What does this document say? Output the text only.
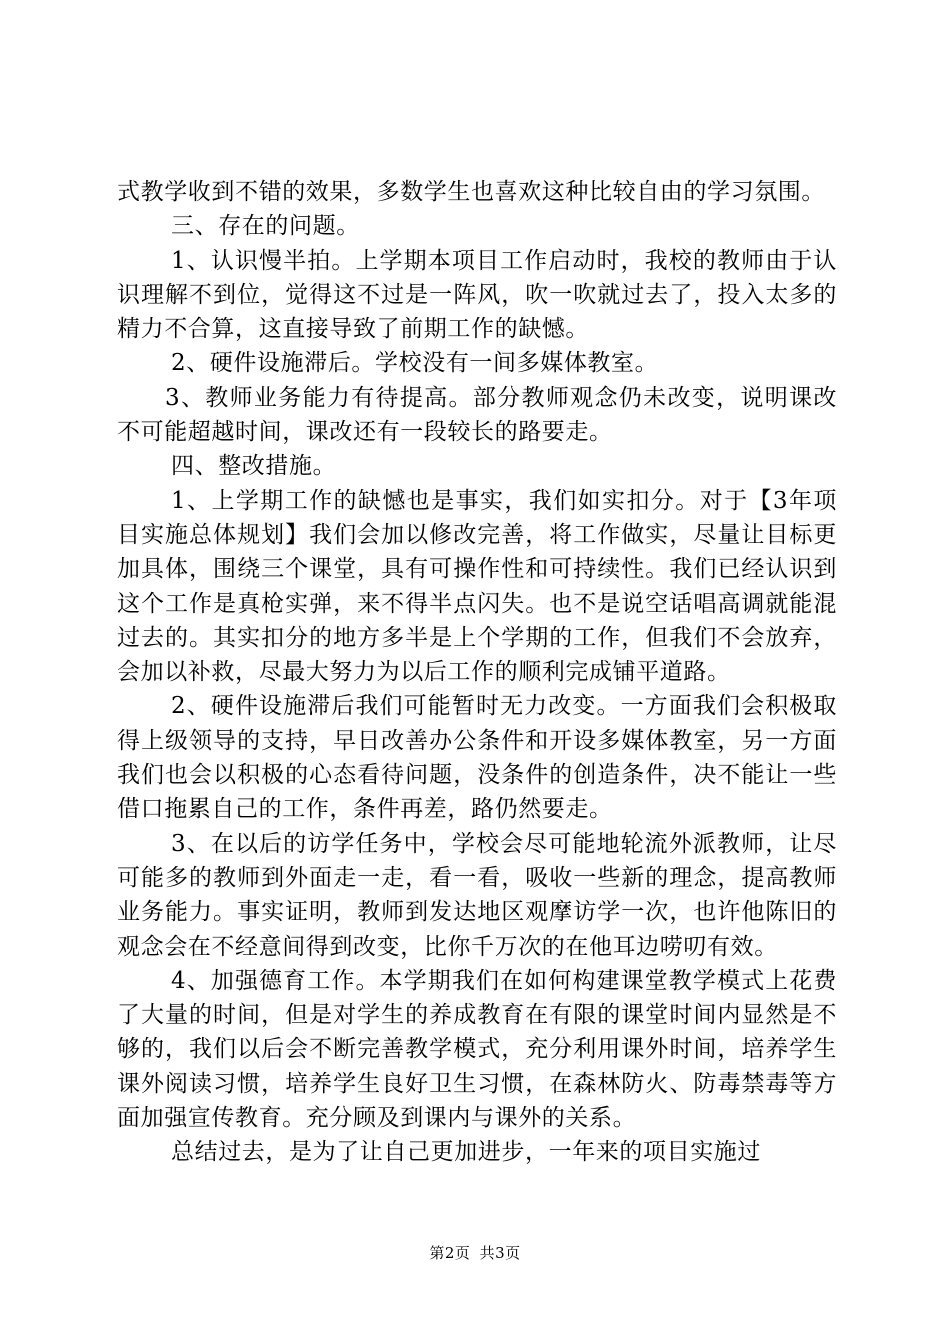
式教学收到不错的效果，多数学生也喜欢这种比较自由的学习氛围。

三、存在的问题。

1、认识慢半拍。上学期本项目工作启动时，我校的教师由于认识理解不到位，觉得这不过是一阵风，吹一吹就过去了，投入太多的精力不合算，这直接导致了前期工作的缺憾。

2、硬件设施滞后。学校没有一间多媒体教室。

3、教师业务能力有待提高。部分教师观念仍未改变，说明课改不可能超越时间，课改还有一段较长的路要走。

四、整改措施。

1、上学期工作的缺憾也是事实，我们如实扣分。对于【3年项目实施总体规划】我们会加以修改完善，将工作做实，尽量让目标更加具体，围绕三个课堂，具有可操作性和可持续性。我们已经认识到这个工作是真枪实弹，来不得半点闪失。也不是说空话唱高调就能混过去的。其实扣分的地方多半是上个学期的工作，但我们不会放弃，会加以补救，尽最大努力为以后工作的顺利完成铺平道路。

2、硬件设施滞后我们可能暂时无力改变。一方面我们会积极取得上级领导的支持，早日改善办公条件和开设多媒体教室，另一方面我们也会以积极的心态看待问题，没条件的创造条件，决不能让一些借口拖累自己的工作，条件再差，路仍然要走。

3、在以后的访学任务中，学校会尽可能地轮流外派教师，让尽可能多的教师到外面走一走，看一看，吸收一些新的理念，提高教师业务能力。事实证明，教师到发达地区观摩访学一次，也许他陈旧的观念会在不经意间得到改变，比你千万次的在他耳边唠叨有效。

4、加强德育工作。本学期我们在如何构建课堂教学模式上花费了大量的时间，但是对学生的养成教育在有限的课堂时间内显然是不够的，我们以后会不断完善教学模式，充分利用课外时间，培养学生课外阅读习惯，培养学生良好卫生习惯，在森林防火、防毒禁毒等方面加强宣传教育。充分顾及到课内与课外的关系。

总结过去，是为了让自己更加进步，一年来的项目实施过

第2页 共3页
